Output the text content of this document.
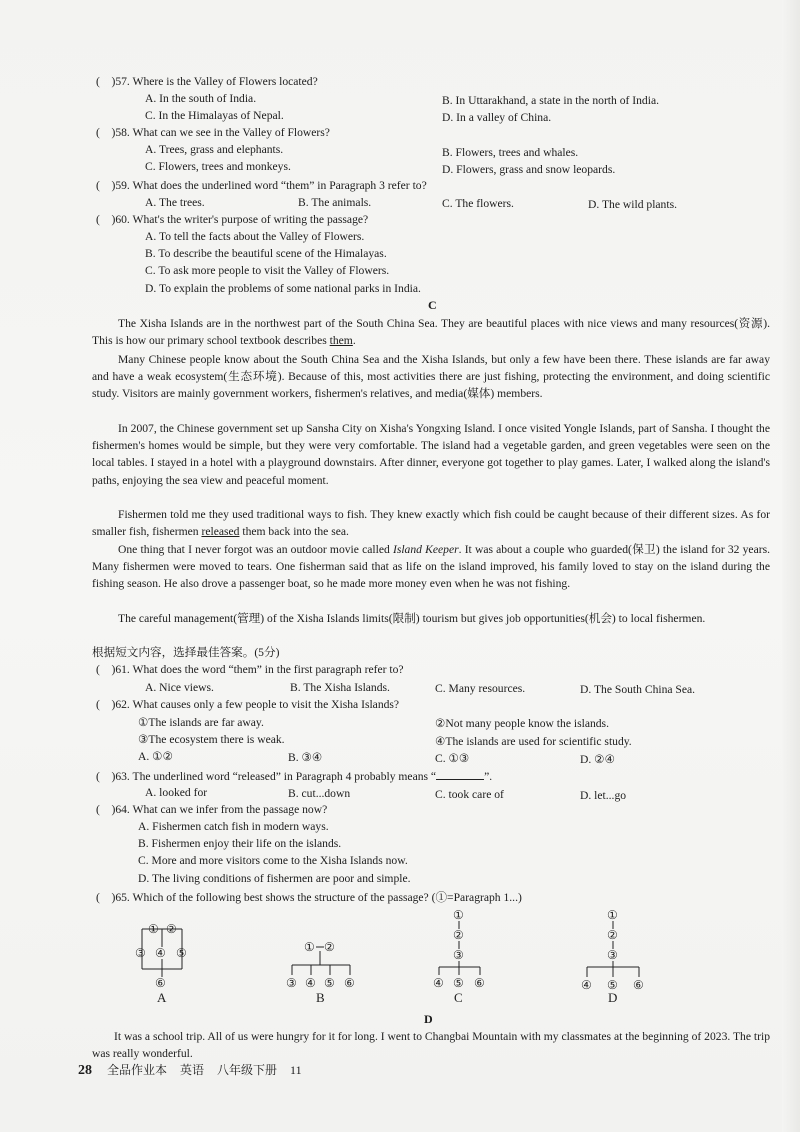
(　)57. Where is the Valley of Flowers located?
A. In the south of India.	B. In Uttarakhand, a state in the north of India.
C. In the Himalayas of Nepal.	D. In a valley of China.
(　)58. What can we see in the Valley of Flowers?
A. Trees, grass and elephants.	B. Flowers, trees and whales.
C. Flowers, trees and monkeys.	D. Flowers, grass and snow leopards.
(　)59. What does the underlined word “them” in Paragraph 3 refer to?
A. The trees.	B. The animals.	C. The flowers.	D. The wild plants.
(　)60. What's the writer's purpose of writing the passage?
A. To tell the facts about the Valley of Flowers.
B. To describe the beautiful scene of the Himalayas.
C. To ask more people to visit the Valley of Flowers.
D. To explain the problems of some national parks in India.
C
The Xisha Islands are in the northwest part of the South China Sea. They are beautiful places with nice views and many resources(资源). This is how our primary school textbook describes them.
Many Chinese people know about the South China Sea and the Xisha Islands, but only a few have been there. These islands are far away and have a weak ecosystem(生态环境). Because of this, most activities there are just fishing, protecting the environment, and doing scientific study. Visitors are mainly government workers, fishermen's relatives, and media(媒体) members.
In 2007, the Chinese government set up Sansha City on Xisha's Yongxing Island. I once visited Yongle Islands, part of Sansha. I thought the fishermen's homes would be simple, but they were very comfortable. The island had a vegetable garden, and green vegetables were seen on the local tables. I stayed in a hotel with a playground downstairs. After dinner, everyone got together to play games. Later, I walked along the island's paths, enjoying the sea view and peaceful moment.
Fishermen told me they used traditional ways to fish. They knew exactly which fish could be caught because of their different sizes. As for smaller fish, fishermen released them back into the sea.
One thing that I never forgot was an outdoor movie called Island Keeper. It was about a couple who guarded(保卫) the island for 32 years. Many fishermen were moved to tears. One fisherman said that as life on the island improved, his family loved to stay on the island during the fishing season. He also drove a passenger boat, so he made more money even when he was not fishing.
The careful management(管理) of the Xisha Islands limits(限制) tourism but gives job opportunities(机会) to local fishermen.
根据短文内容，选择最佳答案。(5分)
(　)61. What does the word “them” in the first paragraph refer to?
A. Nice views.	B. The Xisha Islands.	C. Many resources.	D. The South China Sea.
(　)62. What causes only a few people to visit the Xisha Islands?
①The islands are far away.	②Not many people know the islands.
③The ecosystem there is weak.	④The islands are used for scientific study.
A. ①②	B. ③④	C. ①③	D. ②④
(　)63. The underlined word “released” in Paragraph 4 probably means “	”.
A. looked for	B. cut...down	C. took care of	D. let...go
(　)64. What can we infer from the passage now?
A. Fishermen catch fish in modern ways.
B. Fishermen enjoy their life on the islands.
C. More and more visitors come to the Xisha Islands now.
D. The living conditions of fishermen are poor and simple.
(　)65. Which of the following best shows the structure of the passage? (①=Paragraph 1...)
① ②
③ ④ ⑤
⑥
A
① ②
③ ④ ⑤ ⑥
B
①
②
③
④ ⑤ ⑥
C
①
②
③
④ ⑤ ⑥
D
D
It was a school trip. All of us were hungry for it for long. I went to Changbai Mountain with my classmates at the beginning of 2023. The trip was really wonderful.
28 全品作业本 英语 八年级下册 11
